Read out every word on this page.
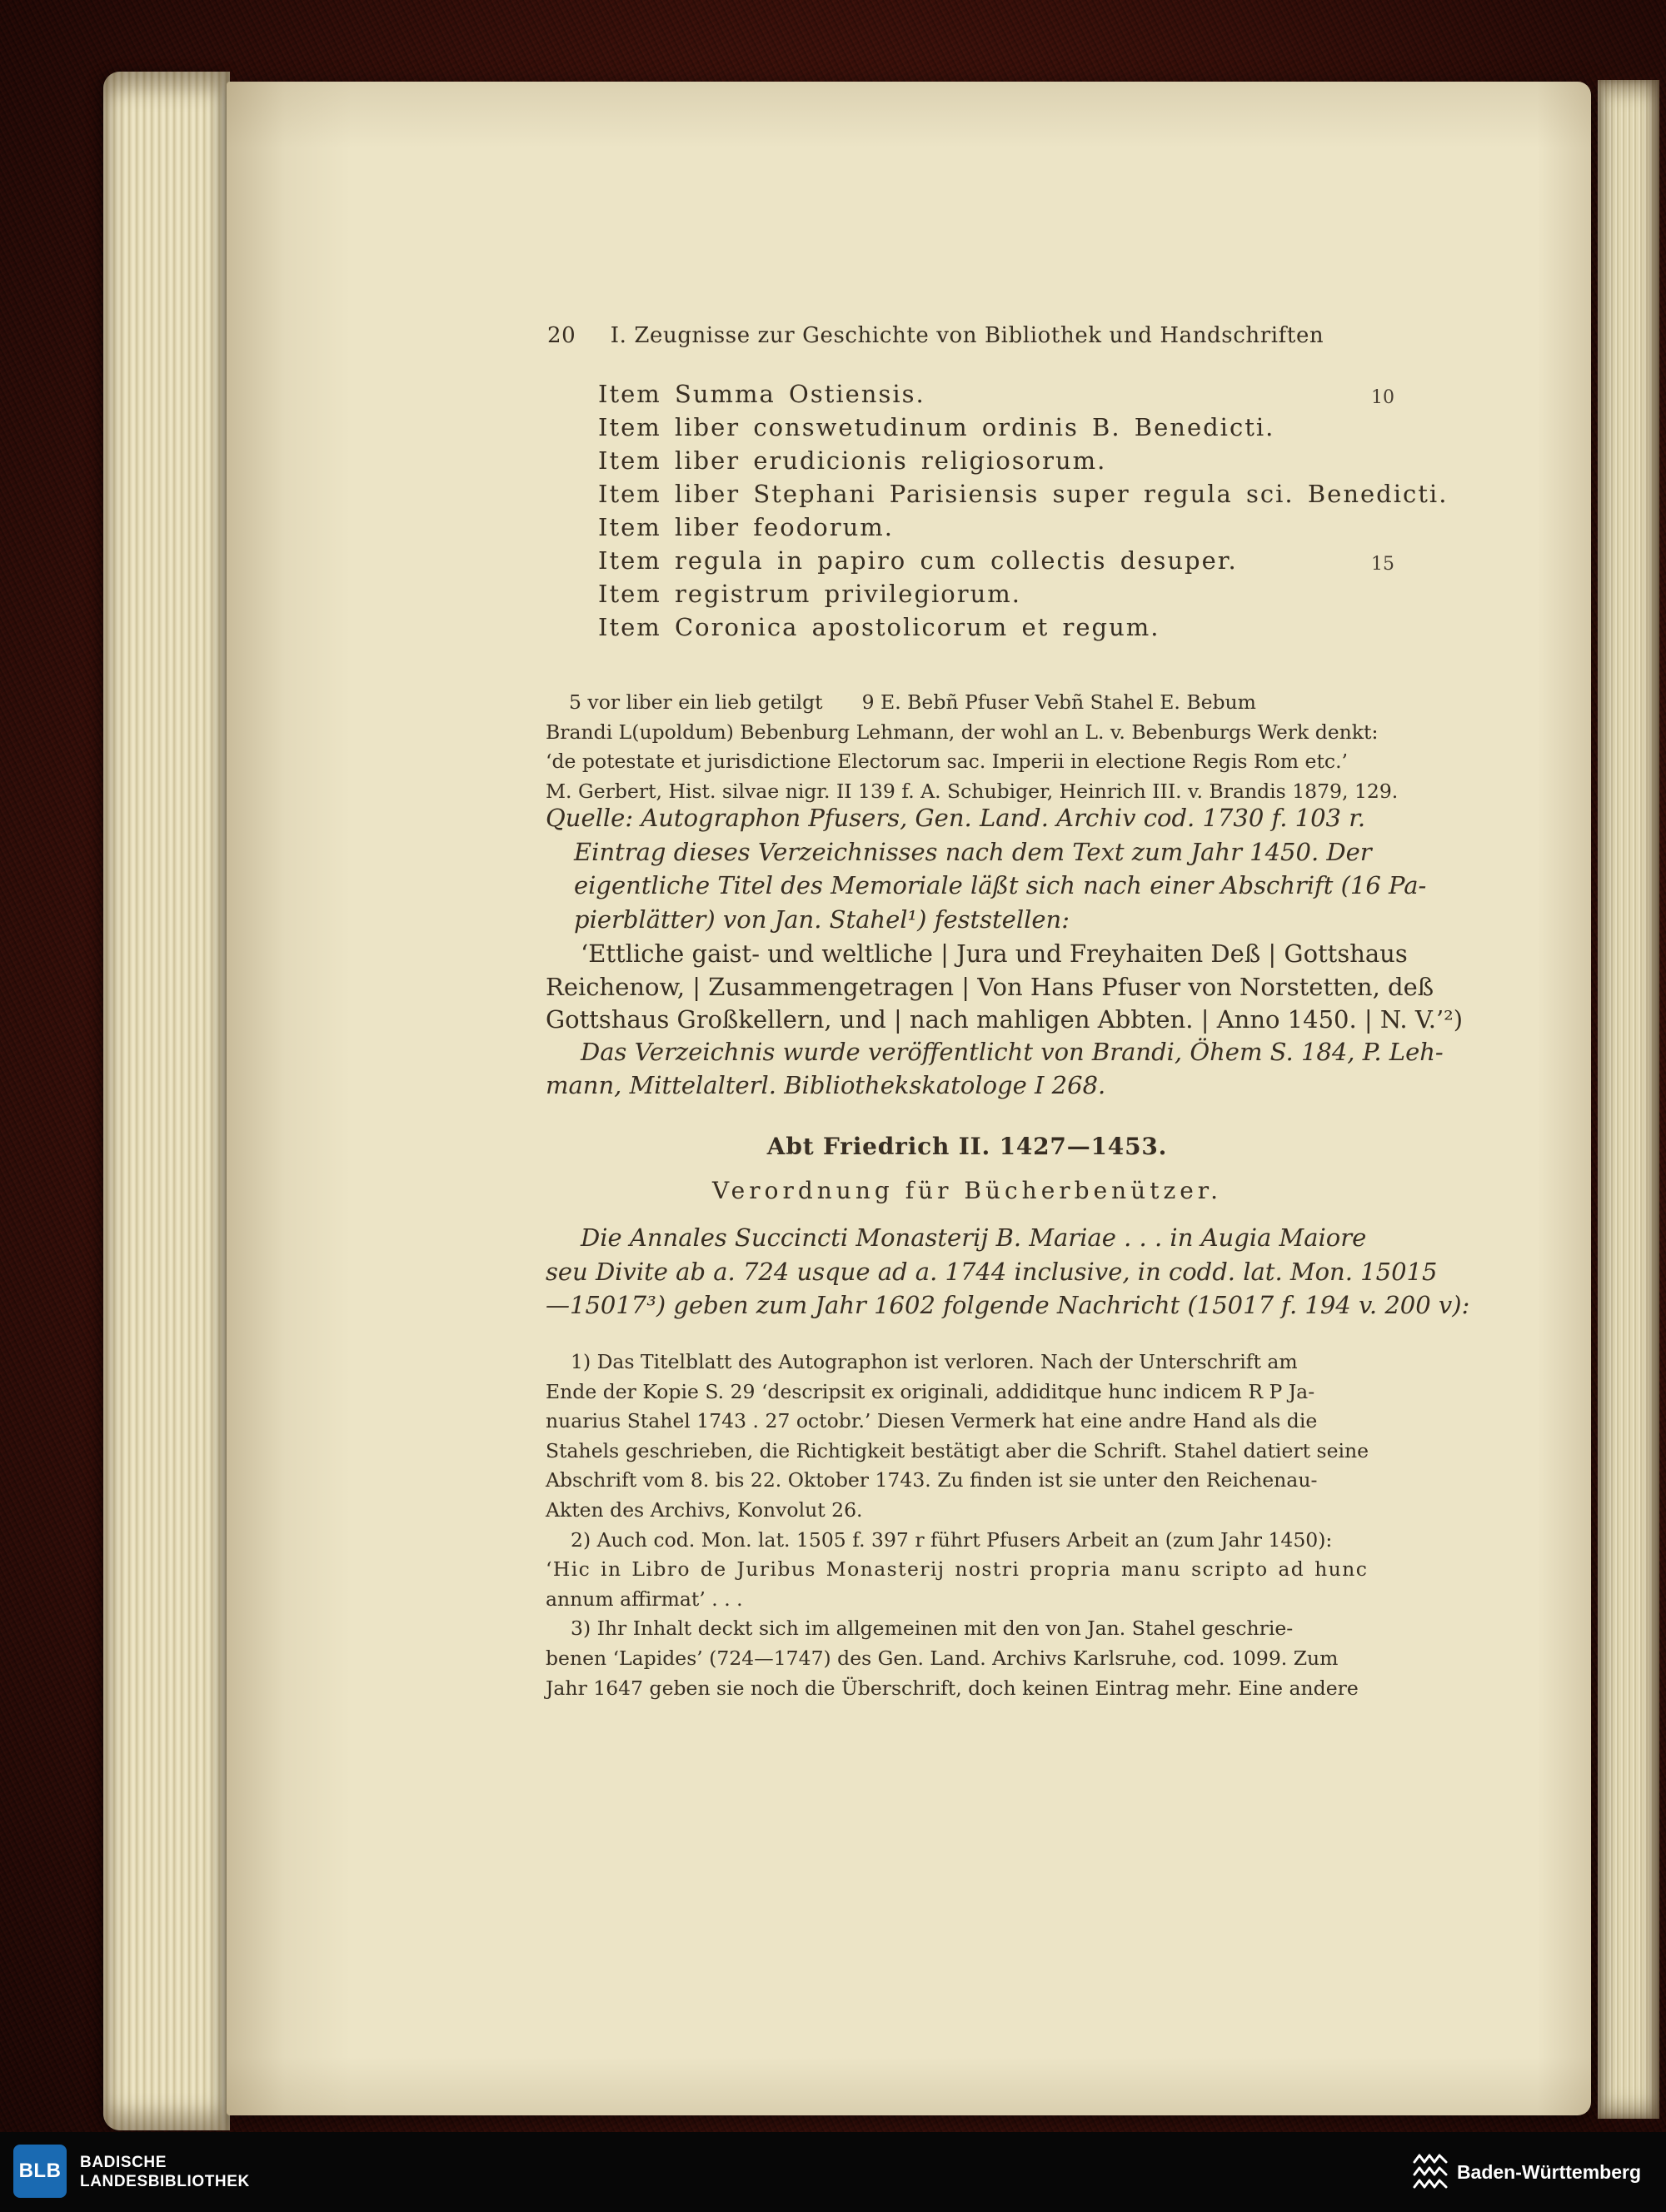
20 I. Zeugnisse zur Geschichte von Bibliothek und Handschriften
Item Summa Ostiensis.	10
Item liber conswetudinum ordinis B. Benedicti.
Item liber erudicionis religiosorum.
Item liber Stephani Parisiensis super regula sci. Benedicti.
Item liber feodorum.
Item regula in papiro cum collectis desuper.	15
Item registrum privilegiorum.
Item Coronica apostolicorum et regum.
5 vor liber ein lieb getilgt  9 E. Bebñ Pfuser Vebñ Stahel E. Bebum
Brandi L(upoldum) Bebenburg Lehmann, der wohl an L. v. Bebenburgs Werk denkt:
‘de potestate et jurisdictione Electorum sac. Imperii in electione Regis Rom etc.’
M. Gerbert, Hist. silvae nigr. II 139 f. A. Schubiger, Heinrich III. v. Brandis 1879, 129.
Quelle: Autographon Pfusers, Gen. Land. Archiv cod. 1730 f. 103 r.
Eintrag dieses Verzeichnisses nach dem Text zum Jahr 1450. Der
eigentliche Titel des Memoriale läßt sich nach einer Abschrift (16 Pa-
pierblätter) von Jan. Stahel¹) feststellen:
‘Ettliche gaist- und weltliche | Jura und Freyhaiten Deß | Gottshaus
Reichenow, | Zusammengetragen | Von Hans Pfuser von Norstetten, deß
Gottshaus Großkellern, und | nach mahligen Abbten. | Anno 1450. | N. V.’²)
Das Verzeichnis wurde veröffentlicht von Brandi, Öhem S. 184, P. Leh-
mann, Mittelalterl. Bibliothekskatologe I 268.
Abt Friedrich II. 1427—1453.
Verordnung für Bücherbenützer.
Die Annales Succincti Monasterij B. Mariae . . . in Augia Maiore
seu Divite ab a. 724 usque ad a. 1744 inclusive, in codd. lat. Mon. 15015
—15017³) geben zum Jahr 1602 folgende Nachricht (15017 f. 194 v. 200 v):
1) Das Titelblatt des Autographon ist verloren. Nach der Unterschrift am
Ende der Kopie S. 29 ‘descripsit ex originali, addiditque hunc indicem R P Ja-
nuarius Stahel 1743 . 27 octobr.’ Diesen Vermerk hat eine andre Hand als die
Stahels geschrieben, die Richtigkeit bestätigt aber die Schrift. Stahel datiert seine
Abschrift vom 8. bis 22. Oktober 1743. Zu finden ist sie unter den Reichenau-
Akten des Archivs, Konvolut 26.
2) Auch cod. Mon. lat. 1505 f. 397 r führt Pfusers Arbeit an (zum Jahr 1450):
‘Hic in Libro de Juribus Monasterij nostri propria manu scripto ad hunc
annum affirmat’ . . .
3) Ihr Inhalt deckt sich im allgemeinen mit den von Jan. Stahel geschrie-
benen ‘Lapides’ (724—1747) des Gen. Land. Archivs Karlsruhe, cod. 1099. Zum
Jahr 1647 geben sie noch die Überschrift, doch keinen Eintrag mehr. Eine andere
BLB BADISCHE
LANDESBIBLIOTHEK	Baden-Württemberg
